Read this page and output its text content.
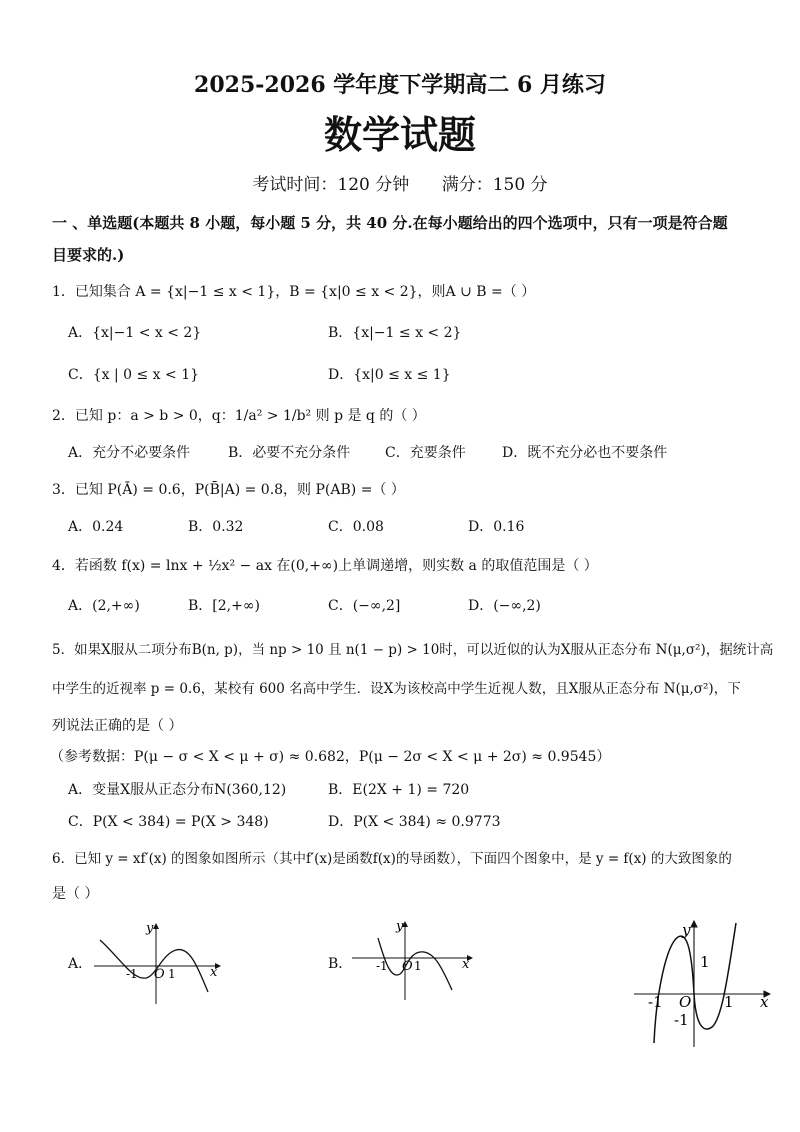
2025-2026 学年度下学期高二 6 月练习
数学试题
考试时间：120 分钟      满分：150 分
一 、单选题(本题共 8 小题，每小题 5 分，共 40 分.在每小题给出的四个选项中，只有一项是符合题
目要求的.)
1．已知集合 A = {x|−1 ≤ x < 1}，B = {x|0 ≤ x < 2}，则A ∪ B =（ ）
A．{x|−1 < x < 2}	B．{x|−1 ≤ x < 2}
C．{x | 0 ≤ x < 1}	D．{x|0 ≤ x ≤ 1}
2．已知 p：a > b > 0，q：1/a² > 1/b² 则 p 是 q 的（ ）
A．充分不必要条件	B．必要不充分条件 C．充要条件	D．既不充分必也不要条件
3．已知 P(Ā) = 0.6，P(B̄|A) = 0.8，则 P(AB) =（ ）
A．0.24	B．0.32	C．0.08	D．0.16
4．若函数 f(x) = lnx + ½x² − ax 在(0,+∞)上单调递增，则实数 a 的取值范围是（ ）
A．(2,+∞)	B．[2,+∞)	C．(−∞,2]	D．(−∞,2)
5．如果X服从二项分布B(n, p)，当 np > 10 且 n(1 − p) > 10时，可以近似的认为X服从正态分布 N(μ,σ²)，据统计高
中学生的近视率 p = 0.6，某校有 600 名高中学生．设X为该校高中学生近视人数，且X服从正态分布 N(μ,σ²)，下
列说法正确的是（ ）
（参考数据：P(μ − σ < X < μ + σ) ≈ 0.682，P(μ − 2σ < X < μ + 2σ) ≈ 0.9545）
A．变量X服从正态分布N(360,12)	B．E(2X + 1) = 720
C．P(X < 384) = P(X > 348)	D．P(X < 384) ≈ 0.9773
6．已知 y = xf′(x) 的图象如图所示（其中f′(x)是函数f(x)的导函数），下面四个图象中，是 y = f(x) 的大致图象的
是（ ）
A．	B．
y
x
-1 O 1
y
x
-1 O 1
y
x
1
-1 O 1
-1
